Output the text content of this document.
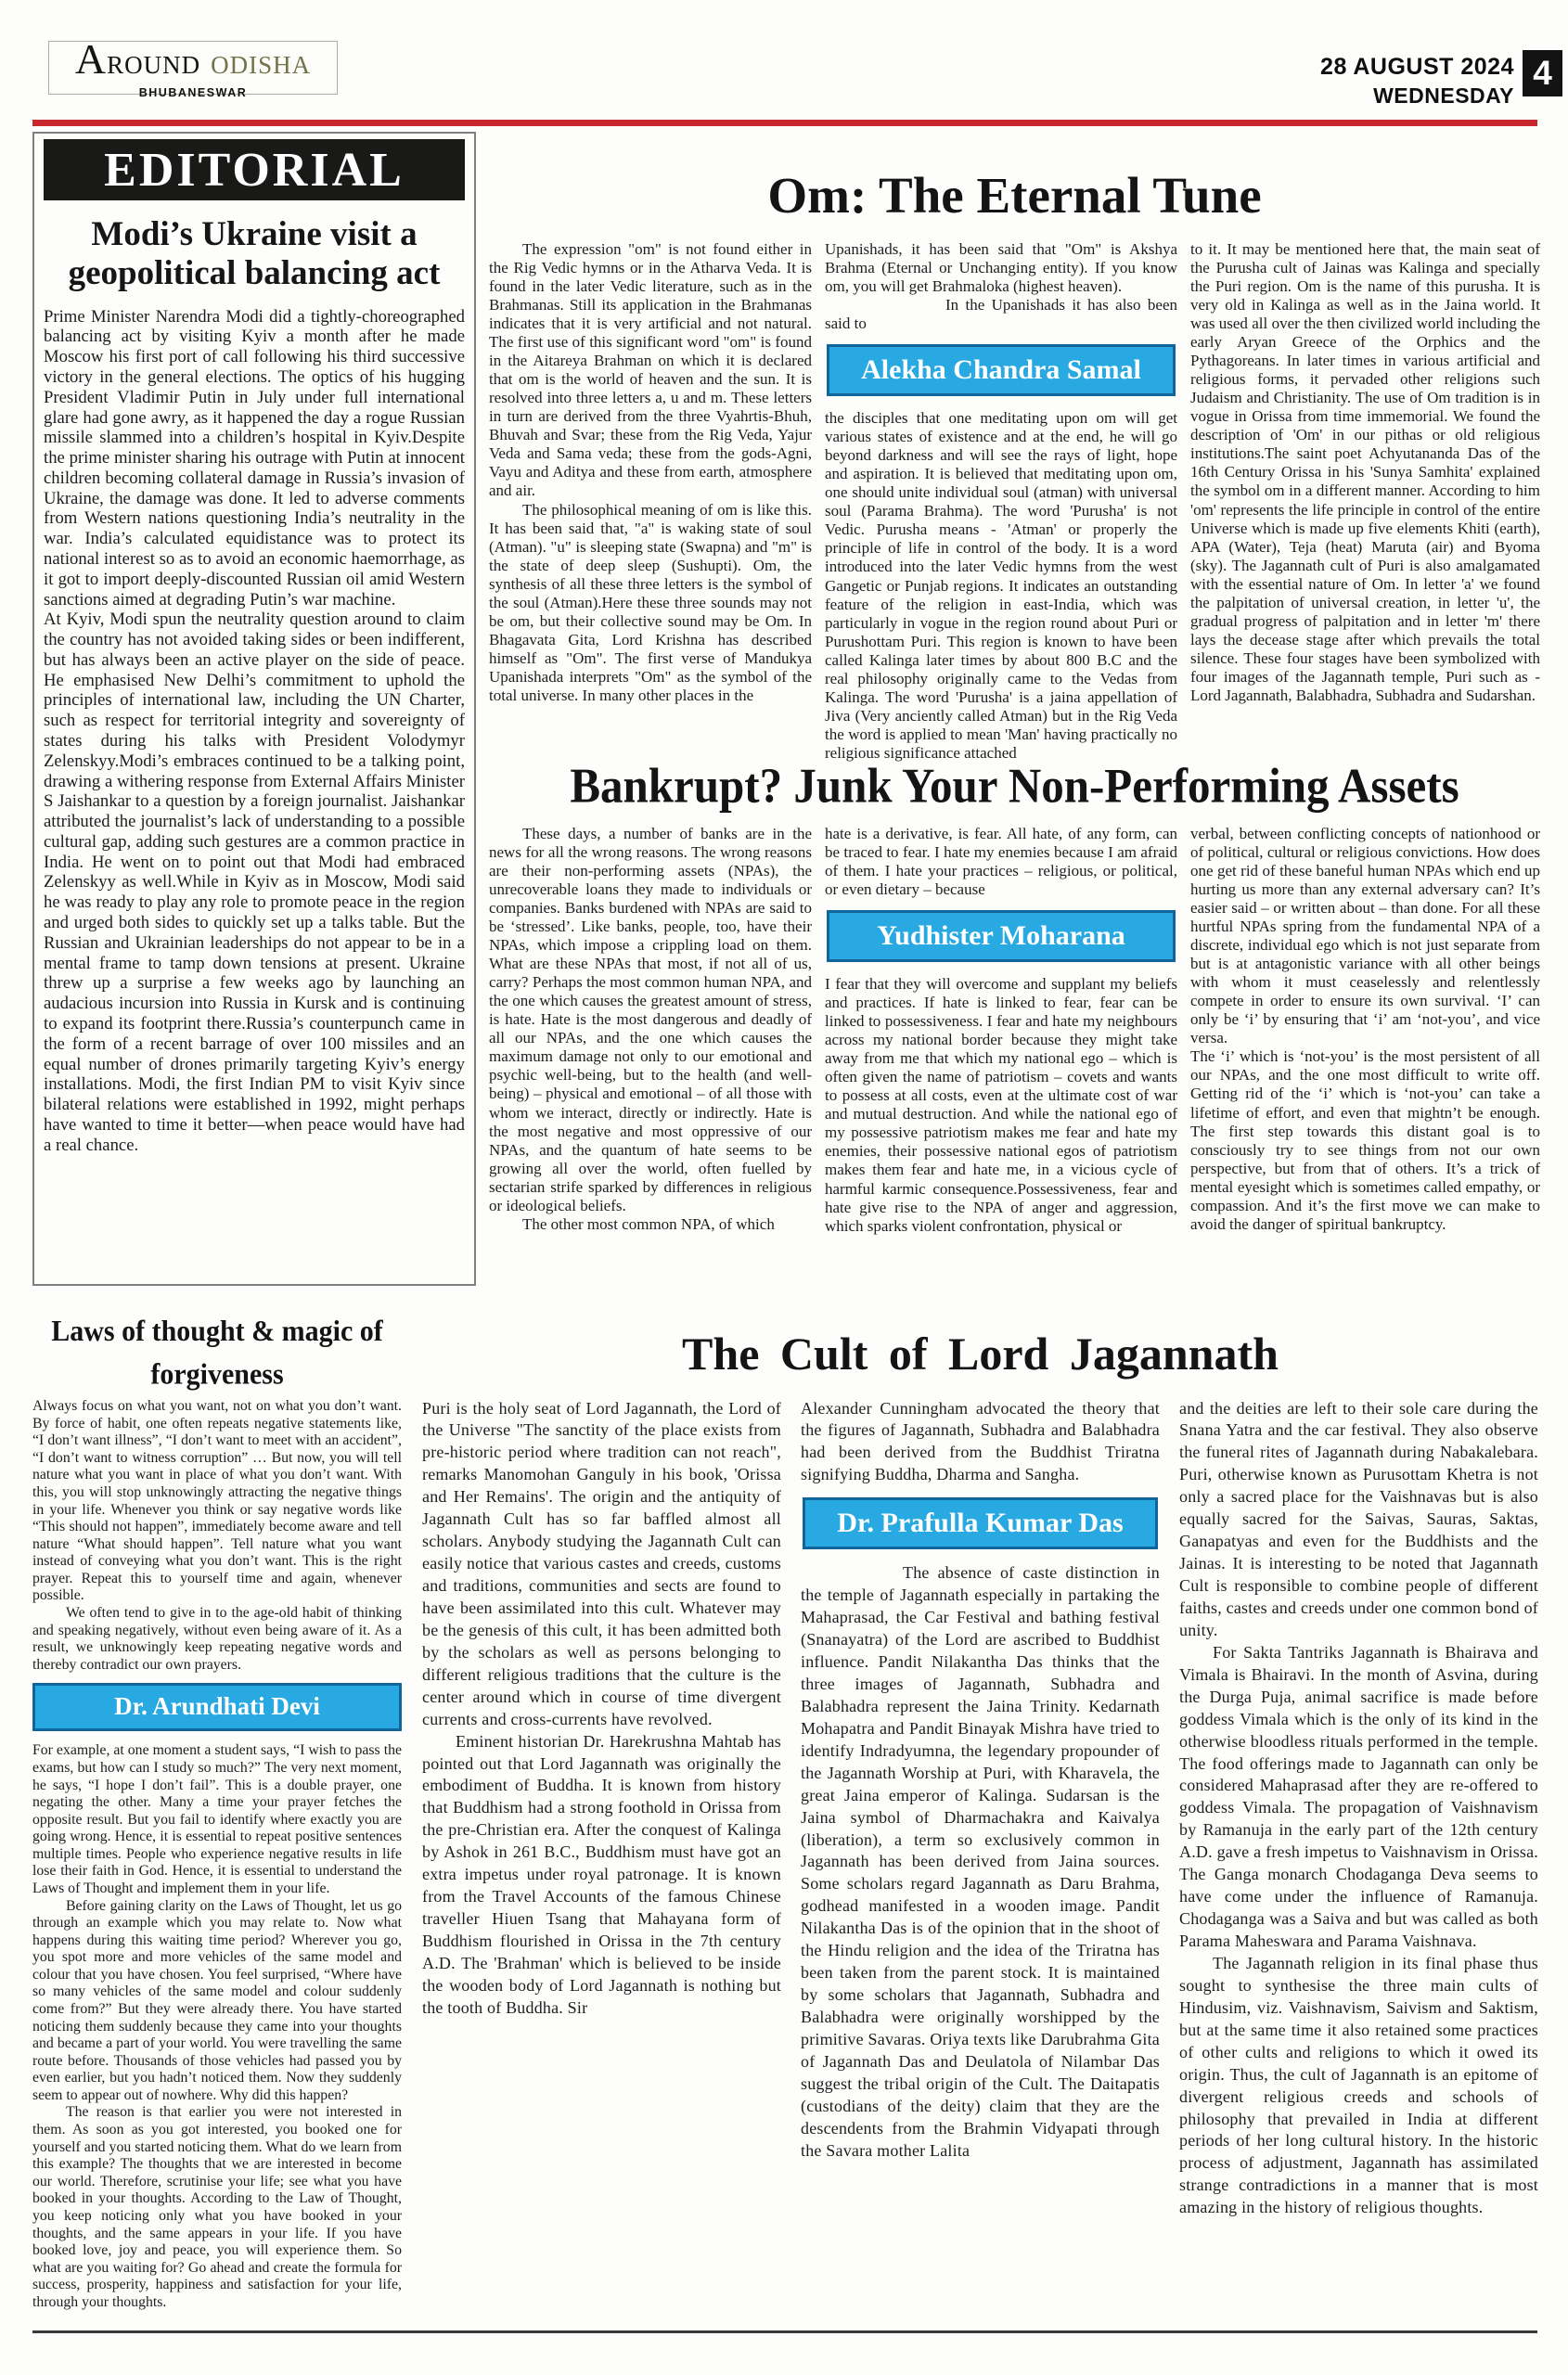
AROUND ODISHA
BHUBANESWAR
28 AUGUST 2024 4
WEDNESDAY
EDITORIAL
Modi’s Ukraine visit a geopolitical balancing act

Prime Minister Narendra Modi did a tightly-choreographed balancing act by visiting Kyiv a month after he made Moscow his first port of call following his third successive victory in the general elections. The optics of his hugging President Vladimir Putin in July under full international glare had gone awry, as it happened the day a rogue Russian missile slammed into a children’s hospital in Kyiv.Despite the prime minister sharing his outrage with Putin at innocent children becoming collateral damage in Russia’s invasion of Ukraine, the damage was done. It led to adverse comments from Western nations questioning India’s neutrality in the war. India’s calculated equidistance was to protect its national interest so as to avoid an economic haemorrhage, as it got to import deeply-discounted Russian oil amid Western sanctions aimed at degrading Putin’s war machine.

At Kyiv, Modi spun the neutrality question around to claim the country has not avoided taking sides or been indifferent, but has always been an active player on the side of peace. He emphasised New Delhi’s commitment to uphold the principles of international law, including the UN Charter, such as respect for territorial integrity and sovereignty of states during his talks with President Volodymyr Zelenskyy.Modi’s embraces continued to be a talking point, drawing a withering response from External Affairs Minister S Jaishankar to a question by a foreign journalist. Jaishankar attributed the journalist’s lack of understanding to a possible cultural gap, adding such gestures are a common practice in India. He went on to point out that Modi had embraced Zelenskyy as well.While in Kyiv as in Moscow, Modi said he was ready to play any role to promote peace in the region and urged both sides to quickly set up a talks table. But the Russian and Ukrainian leaderships do not appear to be in a mental frame to tamp down tensions at present. Ukraine threw up a surprise a few weeks ago by launching an audacious incursion into Russia in Kursk and is continuing to expand its footprint there.Russia’s counterpunch came in the form of a recent barrage of over 100 missiles and an equal number of drones primarily targeting Kyiv’s energy installations. Modi, the first Indian PM to visit Kyiv since bilateral relations were established in 1992, might perhaps have wanted to time it better—when peace would have had a real chance.

Om: The Eternal Tune

The expression "om" is not found either in the Rig Vedic hymns or in the Atharva Veda. It is found in the later Vedic literature, such as in the Brahmanas. Still its application in the Brahmanas indicates that it is very artificial and not natural. The first use of this significant word "om" is found in the Aitareya Brahman on which it is declared that om is the world of heaven and the sun. It is resolved into three letters a, u and m. These letters in turn are derived from the three Vyahrtis-Bhuh, Bhuvah and Svar; these from the Rig Veda, Yajur Veda and Sama veda; these from the gods-Agni, Vayu and Aditya and these from earth, atmosphere and air.

The philosophical meaning of om is like this. It has been said that, "a" is waking state of soul (Atman). "u" is sleeping state (Swapna) and "m" is the state of deep sleep (Sushupti). Om, the synthesis of all these three letters is the symbol of the soul (Atman).Here these three sounds may not be om, but their collective sound may be Om. In Bhagavata Gita, Lord Krishna has described himself as "Om". The first verse of Mandukya Upanishada interprets "Om" as the symbol of the total universe. In many other places in the

Upanishads, it has been said that "Om" is Akshya Brahma (Eternal or Unchanging entity). If you know om, you will get Brahmaloka (highest heaven).

In the Upanishads it has also been said to

Alekha Chandra Samal

the disciples that one meditating upon om will get various states of existence and at the end, he will go beyond darkness and will see the rays of light, hope and aspiration. It is believed that meditating upon om, one should unite individual soul (atman) with universal soul (Parama Brahma). The word 'Purusha' is not Vedic. Purusha means - 'Atman' or properly the principle of life in control of the body. It is a word introduced into the later Vedic hymns from the west Gangetic or Punjab regions. It indicates an outstanding feature of the religion in east-India, which was particularly in vogue in the region round about Puri or Purushottam Puri. This region is known to have been called Kalinga later times by about 800 B.C and the real philosophy originally came to the Vedas from Kalinga. The word 'Purusha' is a jaina appellation of Jiva (Very anciently called Atman) but in the Rig Veda the word is applied to mean 'Man' having practically no religious significance attached

to it. It may be mentioned here that, the main seat of the Purusha cult of Jainas was Kalinga and specially the Puri region. Om is the name of this purusha. It is very old in Kalinga as well as in the Jaina world. It was used all over the then civilized world including the early Aryan Greece of the Orphics and the Pythagoreans. In later times in various artificial and religious forms, it pervaded other religions such Judaism and Christianity. The use of Om tradition is in vogue in Orissa from time immemorial. We found the description of 'Om' in our pithas or old religious institutions.The saint poet Achyutananda Das of the 16th Century Orissa in his 'Sunya Samhita' explained the symbol om in a different manner. According to him 'om' represents the life principle in control of the entire Universe which is made up five elements Khiti (earth), APA (Water), Teja (heat) Maruta (air) and Byoma (sky). The Jagannath cult of Puri is also amalgamated with the essential nature of Om. In letter 'a' we found the palpitation of universal creation, in letter 'u', the gradual progress of palpitation and in letter 'm' there lays the decease stage after which prevails the total silence. These four stages have been symbolized with four images of the Jagannath temple, Puri such as - Lord Jagannath, Balabhadra, Subhadra and Sudarshan.

Bankrupt? Junk Your Non-Performing Assets

These days, a number of banks are in the news for all the wrong reasons. The wrong reasons are their non-performing assets (NPAs), the unrecoverable loans they made to individuals or companies. Banks burdened with NPAs are said to be ‘stressed’. Like banks, people, too, have their NPAs, which impose a crippling load on them. What are these NPAs that most, if not all of us, carry? Perhaps the most common human NPA, and the one which causes the greatest amount of stress, is hate. Hate is the most dangerous and deadly of all our NPAs, and the one which causes the maximum damage not only to our emotional and psychic well-being, but to the health (and well-being) – physical and emotional – of all those with whom we interact, directly or indirectly. Hate is the most negative and most oppressive of our NPAs, and the quantum of hate seems to be growing all over the world, often fuelled by sectarian strife sparked by differences in religious or ideological beliefs.

The other most common NPA, of which

hate is a derivative, is fear. All hate, of any form, can be traced to fear. I hate my enemies because I am afraid of them. I hate your practices – religious, or political, or even dietary – because

Yudhister Moharana

I fear that they will overcome and supplant my beliefs and practices. If hate is linked to fear, fear can be linked to possessiveness. I fear and hate my neighbours across my national border because they might take away from me that which my national ego – which is often given the name of patriotism – covets and wants to possess at all costs, even at the ultimate cost of war and mutual destruction. And while the national ego of my possessive patriotism makes me fear and hate my enemies, their possessive national egos of patriotism makes them fear and hate me, in a vicious cycle of harmful karmic consequence.Possessiveness, fear and hate give rise to the NPA of anger and aggression, which sparks violent confrontation, physical or

verbal, between conflicting concepts of nationhood or of political, cultural or religious convictions. How does one get rid of these baneful human NPAs which end up hurting us more than any external adversary can? It’s easier said – or written about – than done. For all these hurtful NPAs spring from the fundamental NPA of a discrete, individual ego which is not just separate from but is at antagonistic variance with all other beings with whom it must ceaselessly and relentlessly compete in order to ensure its own survival. ‘I’ can only be ‘i’ by ensuring that ‘i’ am ‘not-you’, and vice versa.

The ‘i’ which is ‘not-you’ is the most persistent of all our NPAs, and the one most difficult to write off. Getting rid of the ‘i’ which is ‘not-you’ can take a lifetime of effort, and even that mightn’t be enough. The first step towards this distant goal is to consciously try to see things from not our own perspective, but from that of others. It’s a trick of mental eyesight which is sometimes called empathy, or compassion. And it’s the first move we can make to avoid the danger of spiritual bankruptcy.

Laws of thought & magic of forgiveness

Always focus on what you want, not on what you don’t want. By force of habit, one often repeats negative statements like, “I don’t want illness”, “I don’t want to meet with an accident”, “I don’t want to witness corruption” … But now, you will tell nature what you want in place of what you don’t want. With this, you will stop unknowingly attracting the negative things in your life. Whenever you think or say negative words like “This should not happen”, immediately become aware and tell nature “What should happen”. Tell nature what you want instead of conveying what you don’t want. This is the right prayer. Repeat this to yourself time and again, whenever possible.

We often tend to give in to the age-old habit of thinking and speaking negatively, without even being aware of it. As a result, we unknowingly keep repeating negative words and thereby contradict our own prayers.

Dr. Arundhati Devi

For example, at one moment a student says, “I wish to pass the exams, but how can I study so much?” The very next moment, he says, “I hope I don’t fail”. This is a double prayer, one negating the other. Many a time your prayer fetches the opposite result. But you fail to identify where exactly you are going wrong. Hence, it is essential to repeat positive sentences multiple times. People who experience negative results in life lose their faith in God. Hence, it is essential to understand the Laws of Thought and implement them in your life.

Before gaining clarity on the Laws of Thought, let us go through an example which you may relate to. Now what happens during this waiting time period? Wherever you go, you spot more and more vehicles of the same model and colour that you have chosen. You feel surprised, “Where have so many vehicles of the same model and colour suddenly come from?” But they were already there. You have started noticing them suddenly because they came into your thoughts and became a part of your world. You were travelling the same route before. Thousands of those vehicles had passed you by even earlier, but you hadn’t noticed them. Now they suddenly seem to appear out of nowhere. Why did this happen?

The reason is that earlier you were not interested in them. As soon as you got interested, you booked one for yourself and you started noticing them. What do we learn from this example? The thoughts that we are interested in become our world. Therefore, scrutinise your life; see what you have booked in your thoughts. According to the Law of Thought, you keep noticing only what you have booked in your thoughts, and the same appears in your life. If you have booked love, joy and peace, you will experience them. So what are you waiting for? Go ahead and create the formula for success, prosperity, happiness and satisfaction for your life, through your thoughts.

The Cult of Lord Jagannath

Puri is the holy seat of Lord Jagannath, the Lord of the Universe "The sanctity of the place exists from pre-historic period where tradition can not reach", remarks Manomohan Ganguly in his book, 'Orissa and Her Remains'. The origin and the antiquity of Jagannath Cult has so far baffled almost all scholars. Anybody studying the Jagannath Cult can easily notice that various castes and creeds, customs and traditions, communities and sects are found to have been assimilated into this cult. Whatever may be the genesis of this cult, it has been admitted both by the scholars as well as persons belonging to different religious traditions that the culture is the center around which in course of time divergent currents and cross-currents have revolved.

Eminent historian Dr. Harekrushna Mahtab has pointed out that Lord Jagannath was originally the embodiment of Buddha. It is known from history that Buddhism had a strong foothold in Orissa from the pre-Christian era. After the conquest of Kalinga by Ashok in 261 B.C., Buddhism must have got an extra impetus under royal patronage. It is known from the Travel Accounts of the famous Chinese traveller Hiuen Tsang that Mahayana form of Buddhism flourished in Orissa in the 7th century A.D. The 'Brahman' which is believed to be inside the wooden body of Lord Jagannath is nothing but the tooth of Buddha. Sir

Alexander Cunningham advocated the theory that the figures of Jagannath, Subhadra and Balabhadra had been derived from the Buddhist Triratna signifying Buddha, Dharma and Sangha.

Dr. Prafulla Kumar Das

The absence of caste distinction in the temple of Jagannath especially in partaking the Mahaprasad, the Car Festival and bathing festival (Snanayatra) of the Lord are ascribed to Buddhist influence. Pandit Nilakantha Das thinks that the three images of Jagannath, Subhadra and Balabhadra represent the Jaina Trinity. Kedarnath Mohapatra and Pandit Binayak Mishra have tried to identify Indradyumna, the legendary propounder of the Jagannath Worship at Puri, with Kharavela, the great Jaina emperor of Kalinga. Sudarsan is the Jaina symbol of Dharmachakra and Kaivalya (liberation), a term so exclusively common in Jagannath has been derived from Jaina sources. Some scholars regard Jagannath as Daru Brahma, godhead manifested in a wooden image. Pandit Nilakantha Das is of the opinion that in the shoot of the Hindu religion and the idea of the Triratna has been taken from the parent stock. It is maintained by some scholars that Jagannath, Subhadra and Balabhadra were originally worshipped by the primitive Savaras. Oriya texts like Darubrahma Gita of Jagannath Das and Deulatola of Nilambar Das suggest the tribal origin of the Cult. The Daitapatis (custodians of the deity) claim that they are the descendents from the Brahmin Vidyapati through the Savara mother Lalita

and the deities are left to their sole care during the Snana Yatra and the car festival. They also observe the funeral rites of Jagannath during Nabakalebara. Puri, otherwise known as Purusottam Khetra is not only a sacred place for the Vaishnavas but is also equally sacred for the Saivas, Sauras, Saktas, Ganapatyas and even for the Buddhists and the Jainas. It is interesting to be noted that Jagannath Cult is responsible to combine people of different faiths, castes and creeds under one common bond of unity.

For Sakta Tantriks Jagannath is Bhairava and Vimala is Bhairavi. In the month of Asvina, during the Durga Puja, animal sacrifice is made before goddess Vimala which is the only of its kind in the otherwise bloodless rituals performed in the temple. The food offerings made to Jagannath can only be considered Mahaprasad after they are re-offered to goddess Vimala. The propagation of Vaishnavism by Ramanuja in the early part of the 12th century A.D. gave a fresh impetus to Vaishnavism in Orissa. The Ganga monarch Chodaganga Deva seems to have come under the influence of Ramanuja. Chodaganga was a Saiva and but was called as both Parama Maheswara and Parama Vaishnava.

The Jagannath religion in its final phase thus sought to synthesise the three main cults of Hindusim, viz. Vaishnavism, Saivism and Saktism, but at the same time it also retained some practices of other cults and religions to which it owed its origin. Thus, the cult of Jagannath is an epitome of divergent religious creeds and schools of philosophy that prevailed in India at different periods of her long cultural history. In the historic process of adjustment, Jagannath has assimilated strange contradictions in a manner that is most amazing in the history of religious thoughts.
